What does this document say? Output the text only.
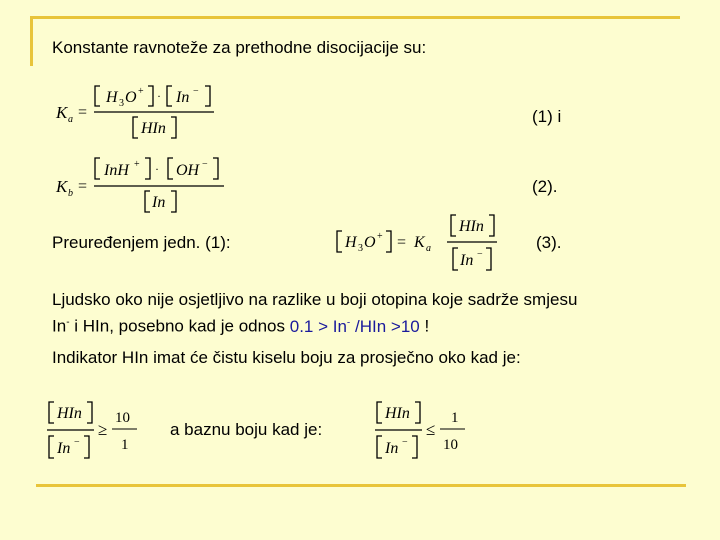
Konstante ravnoteže za prethodne disocijacije su:
K a =
H 3 O + · In −
HIn
(1) i
K b =
InH + · OH −
In
(2).
Preuređenjem jedn. (1):	H 3 O + = K a
HIn
In −
(3).
Ljudsko oko nije osjetljivo na razlike u boji otopina koje sadrže smjesu
In- i HIn, posebno kad je odnos 0.1 > In- /HIn >10 !
Indikator HIn imat će čistu kiselu boju za prosječno oko kad je:
HIn
In −
≥
10
1
a baznu boju kad je:
HIn
In −
≤
1
10
